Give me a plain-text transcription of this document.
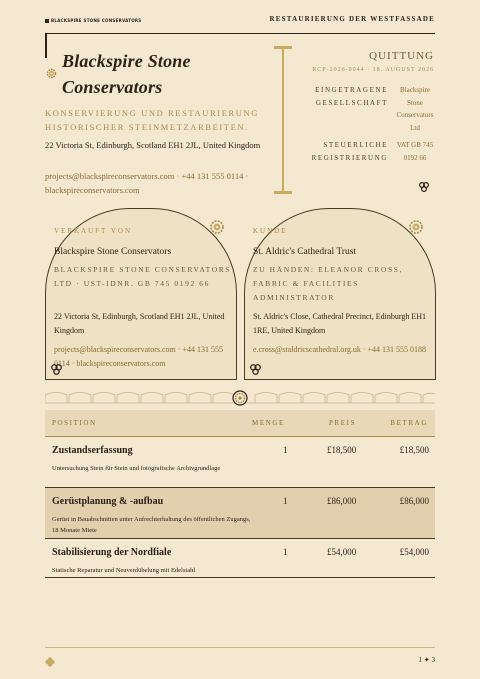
BLACKSPIRE STONE CONSERVATORS	RESTAURIERUNG DER WESTFASSADE
Blackspire Stone
Conservators
KONSERVIERUNG UND RESTAURIERUNG HISTORISCHER STEINMETZARBEITEN.
22 Victoria St, Edinburgh, Scotland EH1 2JL, United Kingdom
projects@blackspireconservators.com · +44 131 555 0114 · blackspireconservators.com
QUITTUNG
RCP-2026-0044 · 18. AUGUST 2026
EINGETRAGENE GESELLSCHAFT
Blackspire Stone Conservators Ltd
STEUERLICHE REGISTRIERUNG
VAT GB 745 0192 66
VERKAUFT VON
Blackspire Stone Conservators
BLACKSPIRE STONE CONSERVATORS LTD · UST-IDNR. GB 745 0192 66
22 Victoria St, Edinburgh, Scotland EH1 2JL, United Kingdom
projects@blackspireconservators.com · +44 131 555 0114 · blackspireconservators.com
KUNDE
St. Aldric's Cathedral Trust
ZU HÄNDEN: ELEANOR CROSS, FABRIC & FACILITIES ADMINISTRATOR
St. Aldric's Close, Cathedral Precinct, Edinburgh EH1 1RE, United Kingdom
e.cross@staldricscathedral.org.uk · +44 131 555 0188
POSITION	MENGE	PREIS	BETRAG
Zustandserfassung
Untersuchung Stein für Stein und fotografische Archivgrundlage
1	£18,500	£18,500
Gerüstplanung & -aufbau
Gerüst in Bauabschnitten unter Aufrechterhaltung des öffentlichen Zugangs, 18 Monate Miete
1	£86,000	£86,000
Stabilisierung der Nordfiale
Statische Reparatur und Neuverdübelung mit Edelstahl
1	£54,000	£54,000
1 ✦ 3
